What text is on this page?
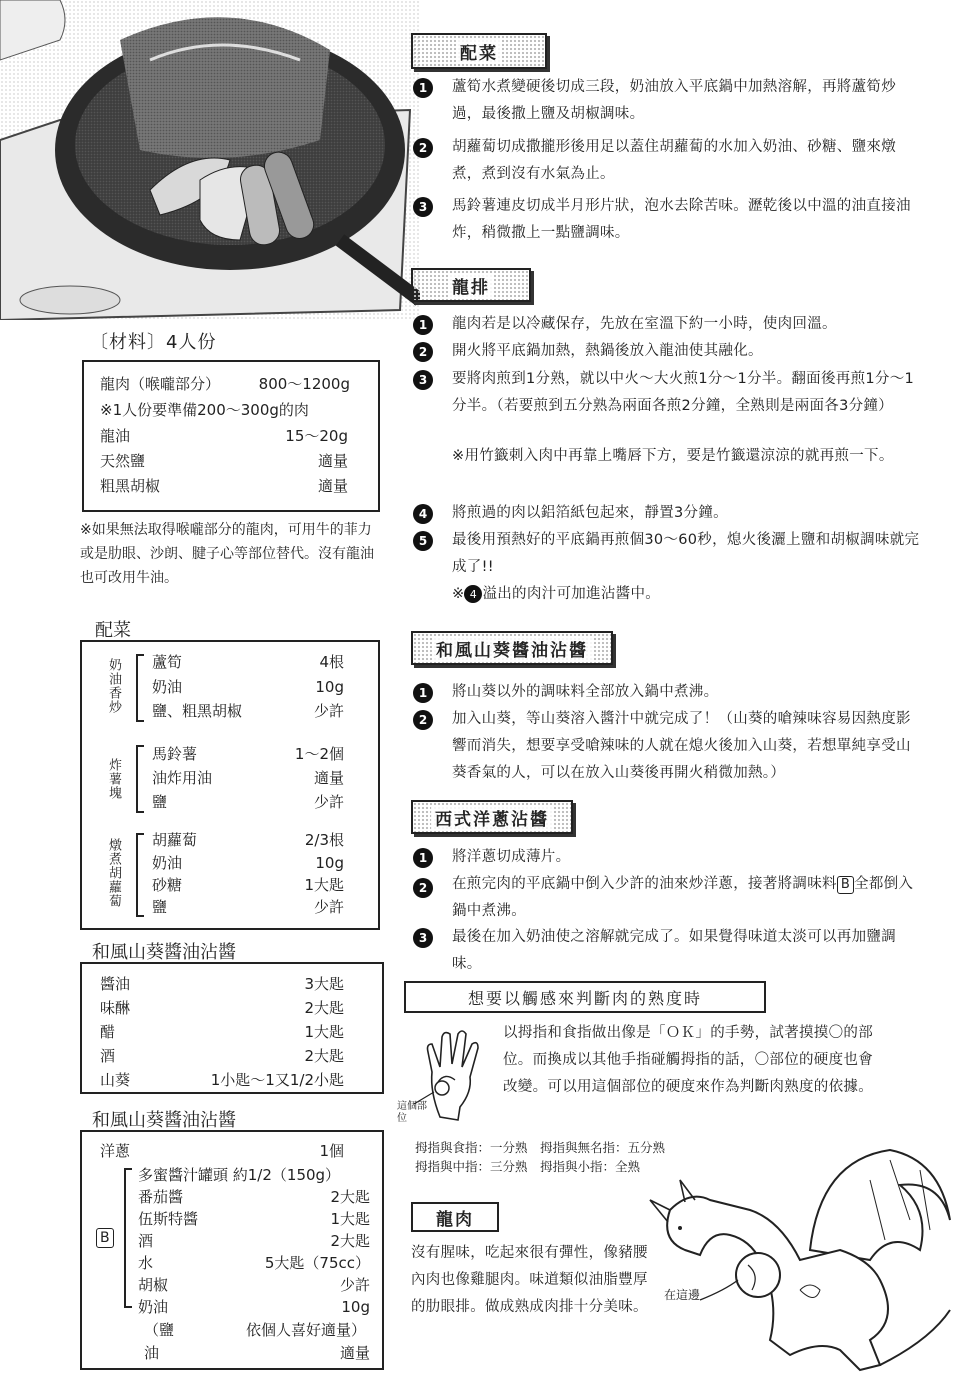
配菜
1	蘆筍水煮變硬後切成三段，奶油放入平底鍋中加熱溶解，再將蘆筍炒過，最後撒上鹽及胡椒調味。
2	胡蘿蔔切成撒攏形後用足以蓋住胡蘿蔔的水加入奶油、砂糖、鹽來燉煮，煮到沒有水氣為止。
3	馬鈴薯連皮切成半月形片狀，泡水去除苦味。瀝乾後以中溫的油直接油炸，稍微撒上一點鹽調味。
龍排
1	龍肉若是以冷藏保存，先放在室溫下約一小時，使肉回溫。
2	開火將平底鍋加熱，熱鍋後放入龍油使其融化。
3	要將肉煎到1分熟，就以中火〜大火煎1分〜1分半。翻面後再煎1分〜1分半。（若要煎到五分熟為兩面各煎2分鐘，全熟則是兩面各3分鐘）
※用竹籤刺入肉中再靠上嘴唇下方，要是竹籤還涼涼的就再煎一下。
4	將煎過的肉以鋁箔紙包起來，靜置3分鐘。
5	最後用預熱好的平底鍋再煎個30〜60秒，熄火後灑上鹽和胡椒調味就完成了!!
※ 4 溢出的肉汁可加進沾醬中。
和風山葵醬油沾醬
1	將山葵以外的調味料全部放入鍋中煮沸。
2	加入山葵，等山葵溶入醬汁中就完成了！（山葵的嗆辣味容易因熱度影響而消失，想要享受嗆辣味的人就在熄火後加入山葵，若想單純享受山葵香氣的人，可以在放入山葵後再開火稍微加熱。）
西式洋蔥沾醬
1	將洋蔥切成薄片。
2	在煎完肉的平底鍋中倒入少許的油來炒洋蔥，接著將調味料 B 全都倒入鍋中煮沸。
3	最後在加入奶油使之溶解就完成了。如果覺得味道太淡可以再加鹽調味。
想要以觸感來判斷肉的熟度時
這個部位
以拇指和食指做出像是「ＯＫ」的手勢，試著摸摸〇的部位。而換成以其他手指碰觸拇指的話，〇部位的硬度也會改變。可以用這個部位的硬度來作為判斷肉熟度的依據。
拇指與食指：一分熟　拇指與無名指：五分熟
拇指與中指：三分熟　拇指與小指：全熟
龍肉
沒有腥味，吃起來很有彈性，像豬腰內肉也像雞腿肉。味道類似油脂豐厚的肋眼排。做成熟成肉排十分美味。
在這邊
〔材料〕4人份
龍肉（喉嚨部分）	800〜1200g
※1人份要準備200〜300g的肉
龍油	15〜20g
天然鹽	適量
粗黑胡椒	適量
※如果無法取得喉嚨部分的龍肉，可用牛的菲力或是肋眼、沙朗、腱子心等部位替代。沒有龍油也可改用牛油。
配菜
奶油香炒 蘆筍	4根
奶油	10g
鹽、粗黑胡椒	少許
炸薯塊
馬鈴薯	1〜2個
油炸用油	適量
鹽	少許
燉煮胡蘿蔔 胡蘿蔔	2/3根
奶油	10g
砂糖	1大匙
鹽	少許
和風山葵醬油沾醬
醬油	3大匙
味醂	2大匙
醋	1大匙
酒	2大匙
山葵	1小匙〜1又1/2小匙
和風山葵醬油沾醬
洋蔥	1個
B
多蜜醬汁罐頭 約1/2（150g）
番茄醬	2大匙
伍斯特醬	1大匙
酒	2大匙
水	5大匙（75cc）
胡椒	少許
奶油	10g
（鹽	依個人喜好適量）
油	適量
